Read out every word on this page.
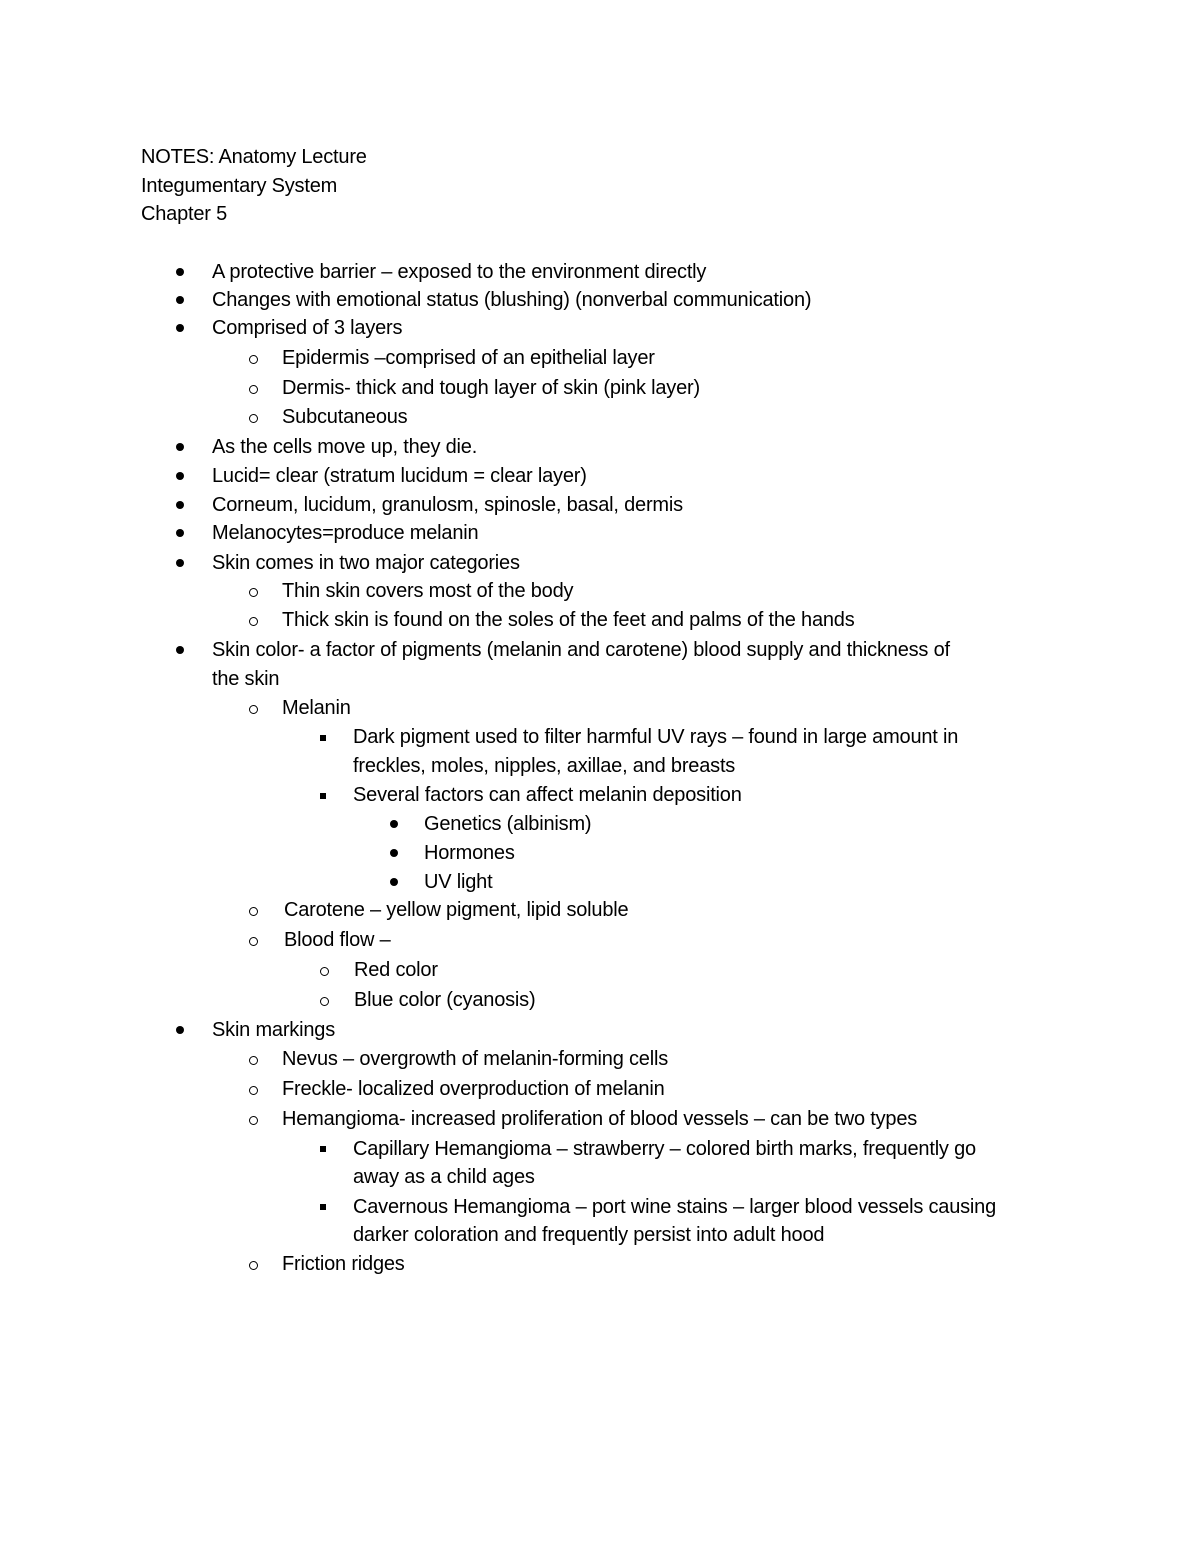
NOTES: Anatomy Lecture
Integumentary System
Chapter 5
A protective barrier – exposed to the environment directly
Changes with emotional status (blushing) (nonverbal communication)
Comprised of 3 layers
Epidermis –comprised of an epithelial layer
Dermis- thick and tough layer of skin (pink layer)
Subcutaneous
As the cells move up, they die.
Lucid= clear (stratum lucidum = clear layer)
Corneum, lucidum, granulosm, spinosle, basal, dermis
Melanocytes=produce melanin
Skin comes in two major categories
Thin skin covers most of the body
Thick skin is found on the soles of the feet and palms of the hands
Skin color- a factor of pigments (melanin and carotene) blood supply and thickness of
the skin
Melanin
Dark pigment used to filter harmful UV rays – found in large amount in
freckles, moles, nipples, axillae, and breasts
Several factors can affect melanin deposition
Genetics (albinism)
Hormones
UV light
Carotene – yellow pigment, lipid soluble
Blood flow –
Red color
Blue color (cyanosis)
Skin markings
Nevus – overgrowth of melanin-forming cells
Freckle- localized overproduction of melanin
Hemangioma- increased proliferation of blood vessels – can be two types
Capillary Hemangioma – strawberry – colored birth marks, frequently go
away as a child ages
Cavernous Hemangioma – port wine stains – larger blood vessels causing
darker coloration and frequently persist into adult hood
Friction ridges
